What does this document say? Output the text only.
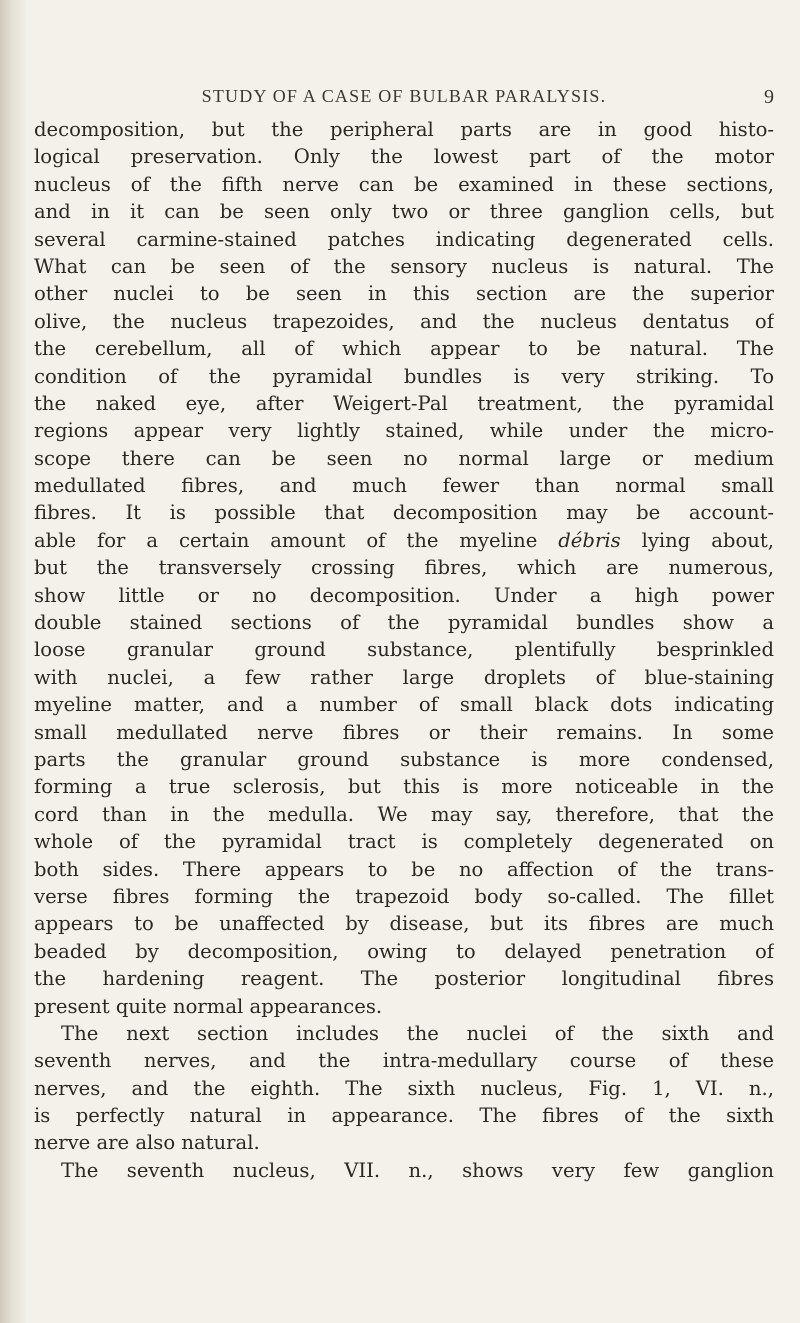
STUDY OF A CASE OF BULBAR PARALYSIS.	9
decomposition, but the peripheral parts are in good histo-
logical preservation. Only the lowest part of the motor
nucleus of the fifth nerve can be examined in these sections,
and in it can be seen only two or three ganglion cells, but
several carmine-stained patches indicating degenerated cells.
What can be seen of the sensory nucleus is natural. The
other nuclei to be seen in this section are the superior
olive, the nucleus trapezoides, and the nucleus dentatus of
the cerebellum, all of which appear to be natural. The
condition of the pyramidal bundles is very striking. To
the naked eye, after Weigert-Pal treatment, the pyramidal
regions appear very lightly stained, while under the micro-
scope there can be seen no normal large or medium
medullated fibres, and much fewer than normal small
fibres. It is possible that decomposition may be account-
able for a certain amount of the myeline débris lying about,
but the transversely crossing fibres, which are numerous,
show little or no decomposition. Under a high power
double stained sections of the pyramidal bundles show a
loose granular ground substance, plentifully besprinkled
with nuclei, a few rather large droplets of blue-staining
myeline matter, and a number of small black dots indicating
small medullated nerve fibres or their remains. In some
parts the granular ground substance is more condensed,
forming a true sclerosis, but this is more noticeable in the
cord than in the medulla. We may say, therefore, that the
whole of the pyramidal tract is completely degenerated on
both sides. There appears to be no affection of the trans-
verse fibres forming the trapezoid body so-called. The fillet
appears to be unaffected by disease, but its fibres are much
beaded by decomposition, owing to delayed penetration of
the hardening reagent. The posterior longitudinal fibres
present quite normal appearances.
The next section includes the nuclei of the sixth and
seventh nerves, and the intra-medullary course of these
nerves, and the eighth. The sixth nucleus, Fig. 1, VI. n.,
is perfectly natural in appearance. The fibres of the sixth
nerve are also natural.
The seventh nucleus, VII. n., shows very few ganglion
